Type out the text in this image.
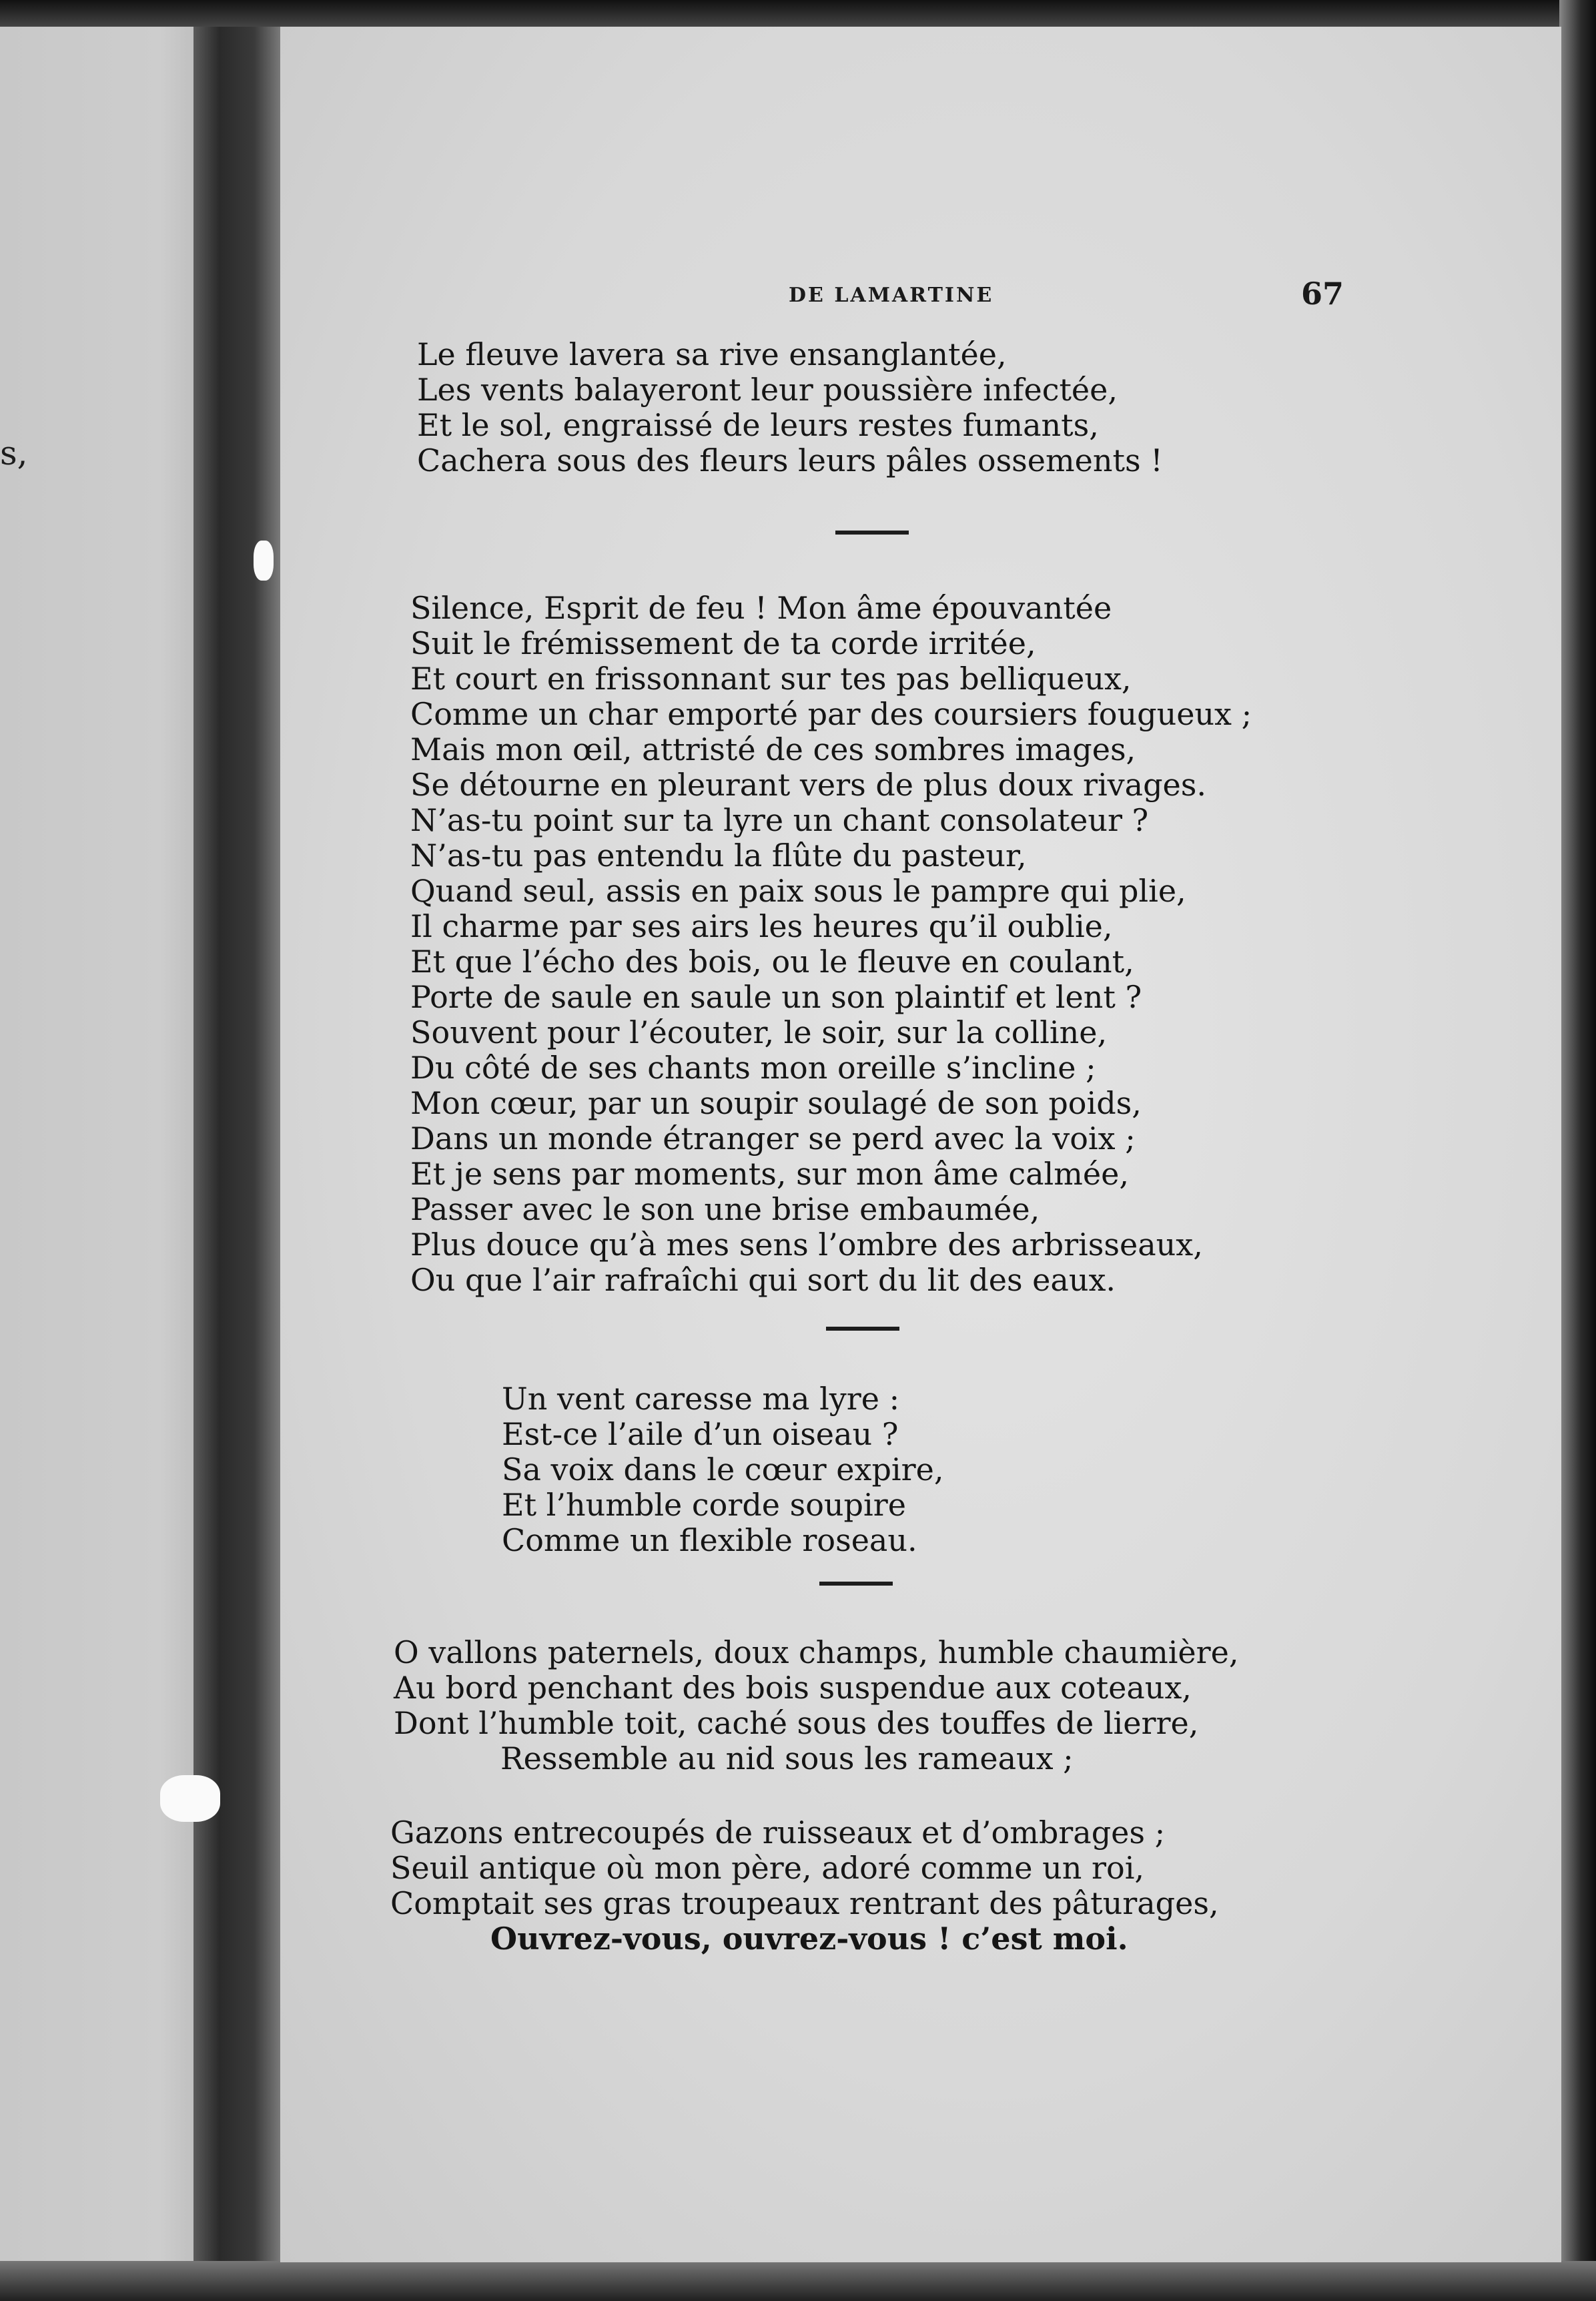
s,
DE LAMARTINE	67
Le fleuve lavera sa rive ensanglantée,
Les vents balayeront leur poussière infectée,
Et le sol, engraissé de leurs restes fumants,
Cachera sous des fleurs leurs pâles ossements !
Silence, Esprit de feu ! Mon âme épouvantée
Suit le frémissement de ta corde irritée,
Et court en frissonnant sur tes pas belliqueux,
Comme un char emporté par des coursiers fougueux ;
Mais mon œil, attristé de ces sombres images,
Se détourne en pleurant vers de plus doux rivages.
N’as-tu point sur ta lyre un chant consolateur ?
N’as-tu pas entendu la flûte du pasteur,
Quand seul, assis en paix sous le pampre qui plie,
Il charme par ses airs les heures qu’il oublie,
Et que l’écho des bois, ou le fleuve en coulant,
Porte de saule en saule un son plaintif et lent ?
Souvent pour l’écouter, le soir, sur la colline,
Du côté de ses chants mon oreille s’incline ;
Mon cœur, par un soupir soulagé de son poids,
Dans un monde étranger se perd avec la voix ;
Et je sens par moments, sur mon âme calmée,
Passer avec le son une brise embaumée,
Plus douce qu’à mes sens l’ombre des arbrisseaux,
Ou que l’air rafraîchi qui sort du lit des eaux.
Un vent caresse ma lyre :
Est-ce l’aile d’un oiseau ?
Sa voix dans le cœur expire,
Et l’humble corde soupire
Comme un flexible roseau.
O vallons paternels, doux champs, humble chaumière,
Au bord penchant des bois suspendue aux coteaux,
Dont l’humble toit, caché sous des touffes de lierre,
Ressemble au nid sous les rameaux ;
Gazons entrecoupés de ruisseaux et d’ombrages ;
Seuil antique où mon père, adoré comme un roi,
Comptait ses gras troupeaux rentrant des pâturages,
Ouvrez-vous, ouvrez-vous ! c’est moi.
